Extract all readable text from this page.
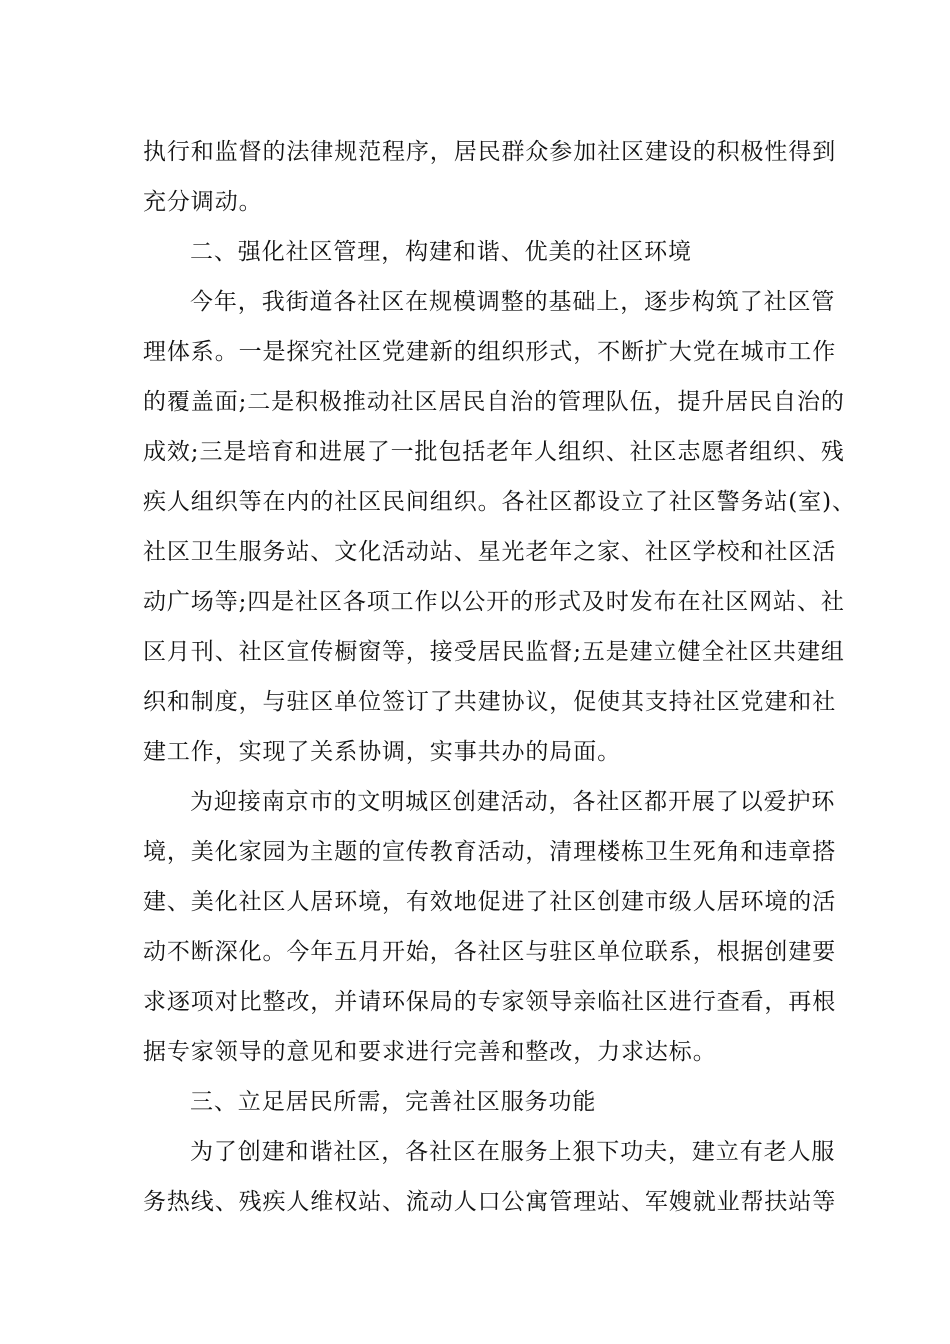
执行和监督的法律规范程序，居民群众参加社区建设的积极性得到
充分调动。
二、强化社区管理，构建和谐、优美的社区环境
今年，我街道各社区在规模调整的基础上，逐步构筑了社区管
理体系。一是探究社区党建新的组织形式，不断扩大党在城市工作
的覆盖面;二是积极推动社区居民自治的管理队伍，提升居民自治的
成效;三是培育和进展了一批包括老年人组织、社区志愿者组织、残
疾人组织等在内的社区民间组织。各社区都设立了社区警务站(室)、
社区卫生服务站、文化活动站、星光老年之家、社区学校和社区活
动广场等;四是社区各项工作以公开的形式及时发布在社区网站、社
区月刊、社区宣传橱窗等，接受居民监督;五是建立健全社区共建组
织和制度，与驻区单位签订了共建协议，促使其支持社区党建和社
建工作，实现了关系协调，实事共办的局面。
为迎接南京市的文明城区创建活动，各社区都开展了以爱护环
境，美化家园为主题的宣传教育活动，清理楼栋卫生死角和违章搭
建、美化社区人居环境，有效地促进了社区创建市级人居环境的活
动不断深化。今年五月开始，各社区与驻区单位联系，根据创建要
求逐项对比整改，并请环保局的专家领导亲临社区进行查看，再根
据专家领导的意见和要求进行完善和整改，力求达标。
三、立足居民所需，完善社区服务功能
为了创建和谐社区，各社区在服务上狠下功夫，建立有老人服
务热线、残疾人维权站、流动人口公寓管理站、军嫂就业帮扶站等
